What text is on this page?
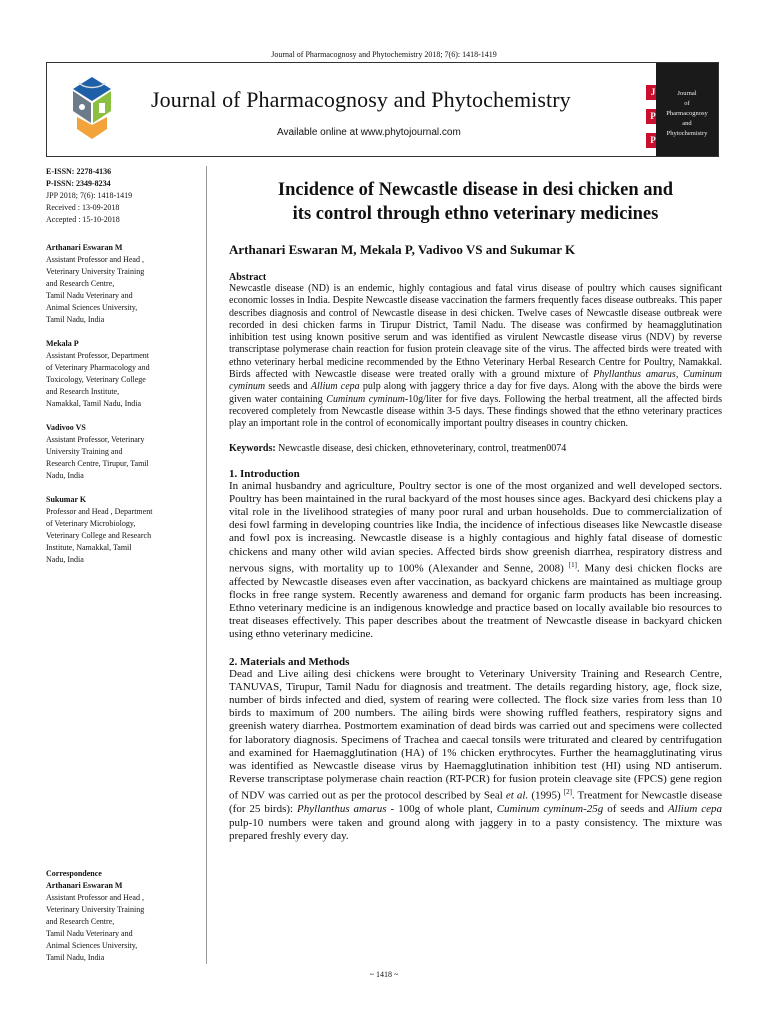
Journal of Pharmacognosy and Phytochemistry 2018; 7(6): 1418-1419
Journal of Pharmacognosy and Phytochemistry
Available online at www.phytojournal.com
J
P
P
Journal
of
Pharmacognosy
and
Phytochemistry
E-ISSN: 2278-4136
P-ISSN: 2349-8234
JPP 2018; 7(6): 1418-1419
Received : 13-09-2018
Accepted : 15-10-2018
Arthanari Eswaran M
Assistant Professor and Head ,
Veterinary University Training
and Research Centre,
Tamil Nadu Veterinary and
Animal Sciences University,
Tamil Nadu, India
Mekala P
Assistant Professor, Department
of Veterinary Pharmacology and
Toxicology, Veterinary College
and Research Institute,
Namakkal, Tamil Nadu, India
Vadivoo VS
Assistant Professor, Veterinary
University Training and
Research Centre, Tirupur, Tamil
Nadu, India
Sukumar K
Professor and Head , Department
of Veterinary Microbiology,
Veterinary College and Research
Institute, Namakkal, Tamil
Nadu, India
Correspondence
Arthanari Eswaran M
Assistant Professor and Head ,
Veterinary University Training
and Research Centre,
Tamil Nadu Veterinary and
Animal Sciences University,
Tamil Nadu, India
Incidence of Newcastle disease in desi chicken and
its control through ethno veterinary medicines
Arthanari Eswaran M, Mekala P, Vadivoo VS and Sukumar K
Abstract

Newcastle disease (ND) is an endemic, highly contagious and fatal virus disease of poultry which causes significant economic losses in India. Despite Newcastle disease vaccination the farmers frequently faces disease outbreaks. This paper describes diagnosis and control of Newcastle disease in desi chicken. Twelve cases of Newcastle disease outbreak were recorded in desi chicken farms in Tirupur District, Tamil Nadu. The disease was confirmed by heamagglutination inhibition test using known positive serum and was identified as virulent Newcastle disease virus (NDV) by reverse transcriptase polymerase chain reaction for fusion protein cleavage site of the virus. The affected birds were treated with ethno veterinary herbal medicine recommended by the Ethno Veterinary Herbal Research Centre for Poultry, Namakkal. Birds affected with Newcastle disease were treated orally with a ground mixture of Phyllanthus amarus, Cuminum cyminum seeds and Allium cepa pulp along with jaggery thrice a day for five days. Along with the above the birds were given water containing Cuminum cyminum-10g/liter for five days. Following the herbal treatment, all the affected birds recovered completely from Newcastle disease within 3-5 days. These findings showed that the ethno veterinary practices play an important role in the control of economically important poultry diseases in country chicken.

Keywords: Newcastle disease, desi chicken, ethnoveterinary, control, treatmen0074
1. Introduction

In animal husbandry and agriculture, Poultry sector is one of the most organized and well developed sectors. Poultry has been maintained in the rural backyard of the most houses since ages. Backyard desi chickens play a vital role in the livelihood strategies of many poor rural and urban households. Due to commercialization of desi fowl farming in developing countries like India, the incidence of infectious diseases like Newcastle disease and fowl pox is increasing. Newcastle disease is a highly contagious and highly fatal disease of domestic chickens and many other wild avian species. Affected birds show greenish diarrhea, respiratory distress and nervous signs, with mortality up to 100% (Alexander and Senne, 2008) [1]. Many desi chicken flocks are affected by Newcastle diseases even after vaccination, as backyard chickens are maintained as multiage group flocks in free range system. Recently awareness and demand for organic farm products has been increasing. Ethno veterinary medicine is an indigenous knowledge and practice based on locally available bio resources to treat diseases effectively. This paper describes about the treatment of Newcastle disease in backyard chicken using ethno veterinary medicine.

2. Materials and Methods

Dead and Live ailing desi chickens were brought to Veterinary University Training and Research Centre, TANUVAS, Tirupur, Tamil Nadu for diagnosis and treatment. The details regarding history, age, flock size, number of birds infected and died, system of rearing were collected. The flock size varies from less than 10 birds to maximum of 200 numbers. The ailing birds were showing ruffled feathers, respiratory signs and greenish watery diarrhea. Postmortem examination of dead birds was carried out and specimens were collected for laboratory diagnosis. Specimens of Trachea and caecal tonsils were triturated and cleared by centrifugation and examined for Haemagglutination (HA) of 1% chicken erythrocytes. Further the heamagglutinating virus was identified as Newcastle disease virus by Haemagglutination inhibition test (HI) using ND antiserum. Reverse transcriptase polymerase chain reaction (RT-PCR) for fusion protein cleavage site (FPCS) gene region of NDV was carried out as per the protocol described by Seal et al. (1995) [2]. Treatment for Newcastle disease (for 25 birds): Phyllanthus amarus - 100g of whole plant, Cuminum cyminum-25g of seeds and Allium cepa pulp-10 numbers were taken and ground along with jaggery in to a pasty consistency. The mixture was prepared freshly every day.

~ 1418 ~
